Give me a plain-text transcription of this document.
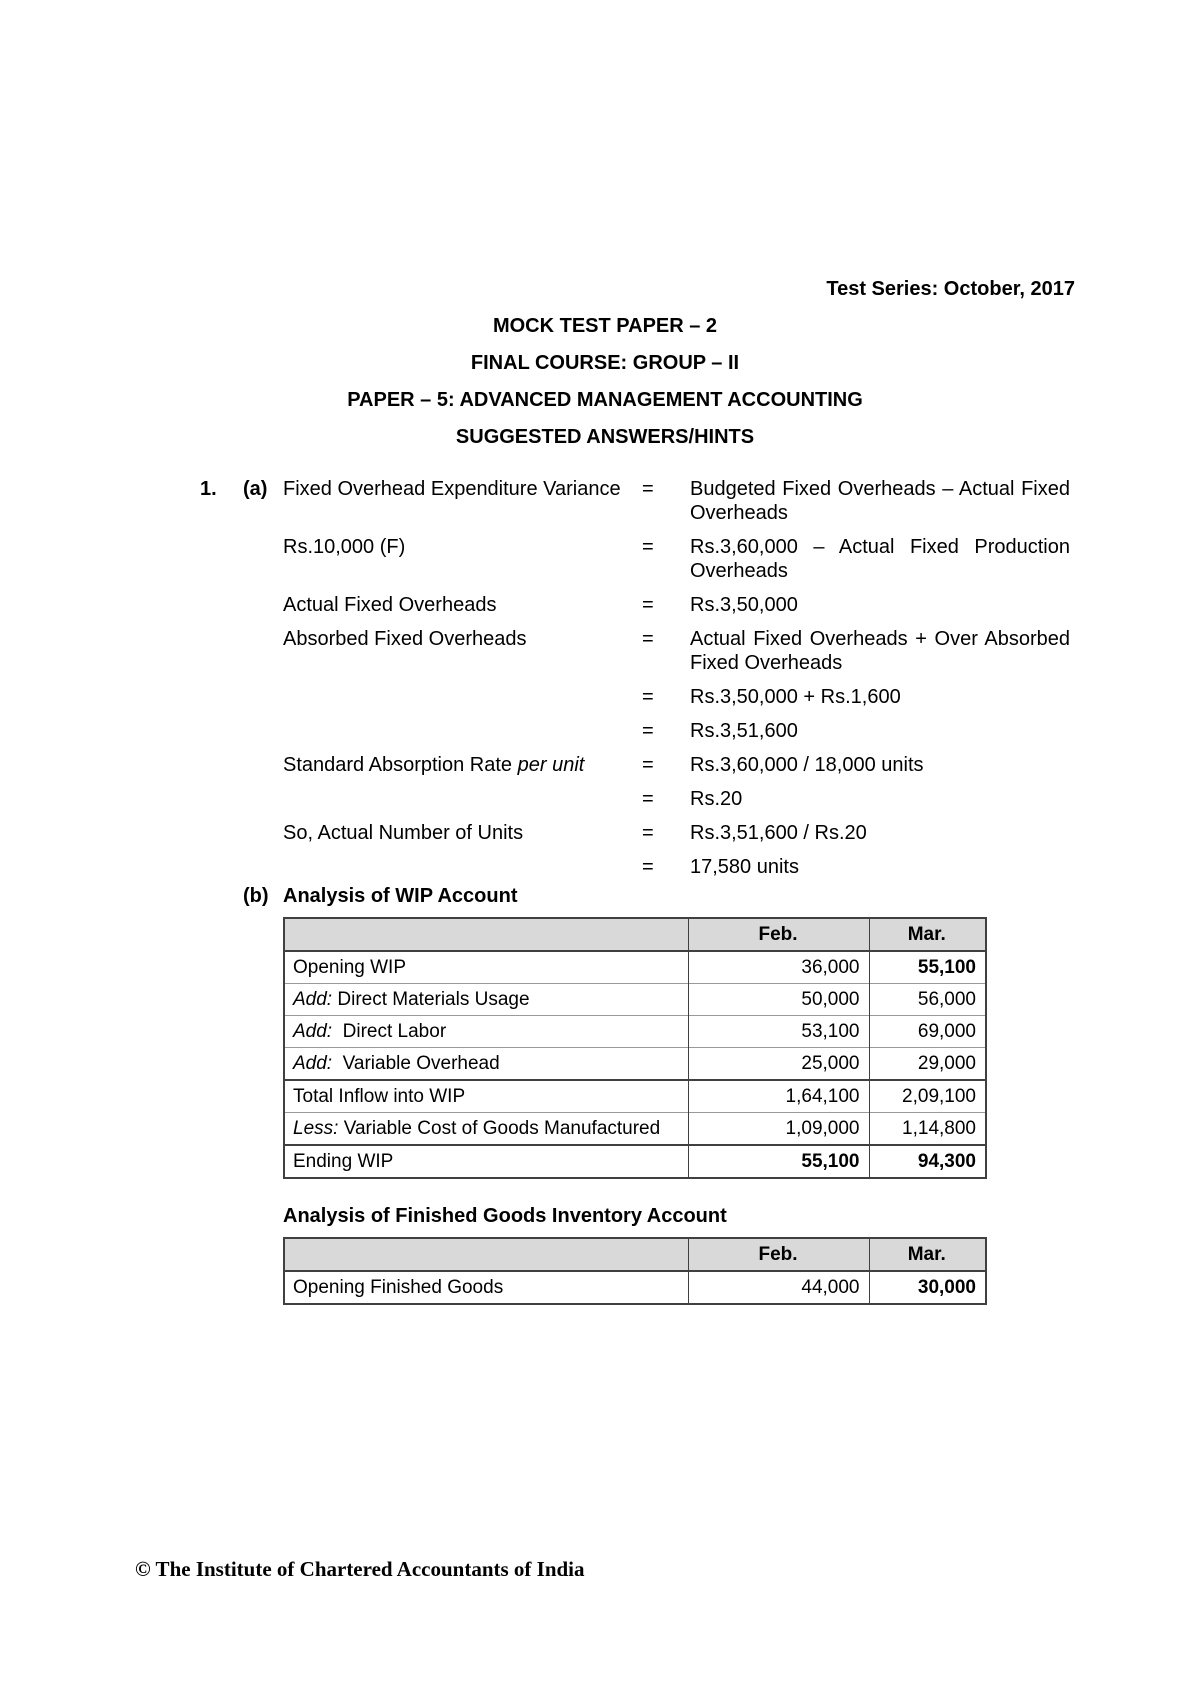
Test Series: October, 2017
MOCK TEST PAPER – 2
FINAL COURSE: GROUP – II
PAPER – 5: ADVANCED MANAGEMENT ACCOUNTING
SUGGESTED ANSWERS/HINTS
1. (a) Fixed Overhead Expenditure Variance	=	Budgeted Fixed Overheads – Actual Fixed Overheads
Rs.10,000 (F)	=	Rs.3,60,000 – Actual Fixed Production Overheads
Actual Fixed Overheads	=	Rs.3,50,000
Absorbed Fixed Overheads	=	Actual Fixed Overheads + Over Absorbed Fixed Overheads
=	Rs.3,50,000 + Rs.1,600
=	Rs.3,51,600
Standard Absorption Rate per unit	=	Rs.3,60,000 / 18,000 units
=	Rs.20
So, Actual Number of Units	=	Rs.3,51,600 / Rs.20
=	17,580 units
(b) Analysis of WIP Account
	Feb.	Mar.
Opening WIP	36,000	55,100
Add: Direct Materials Usage	50,000	56,000
Add:  Direct Labor	53,100	69,000
Add:  Variable Overhead	25,000	29,000
Total Inflow into WIP	1,64,100	2,09,100
Less: Variable Cost of Goods Manufactured	1,09,000	1,14,800
Ending WIP	55,100	94,300
Analysis of Finished Goods Inventory Account
	Feb.	Mar.
Opening Finished Goods	44,000	30,000
© The Institute of Chartered Accountants of India
